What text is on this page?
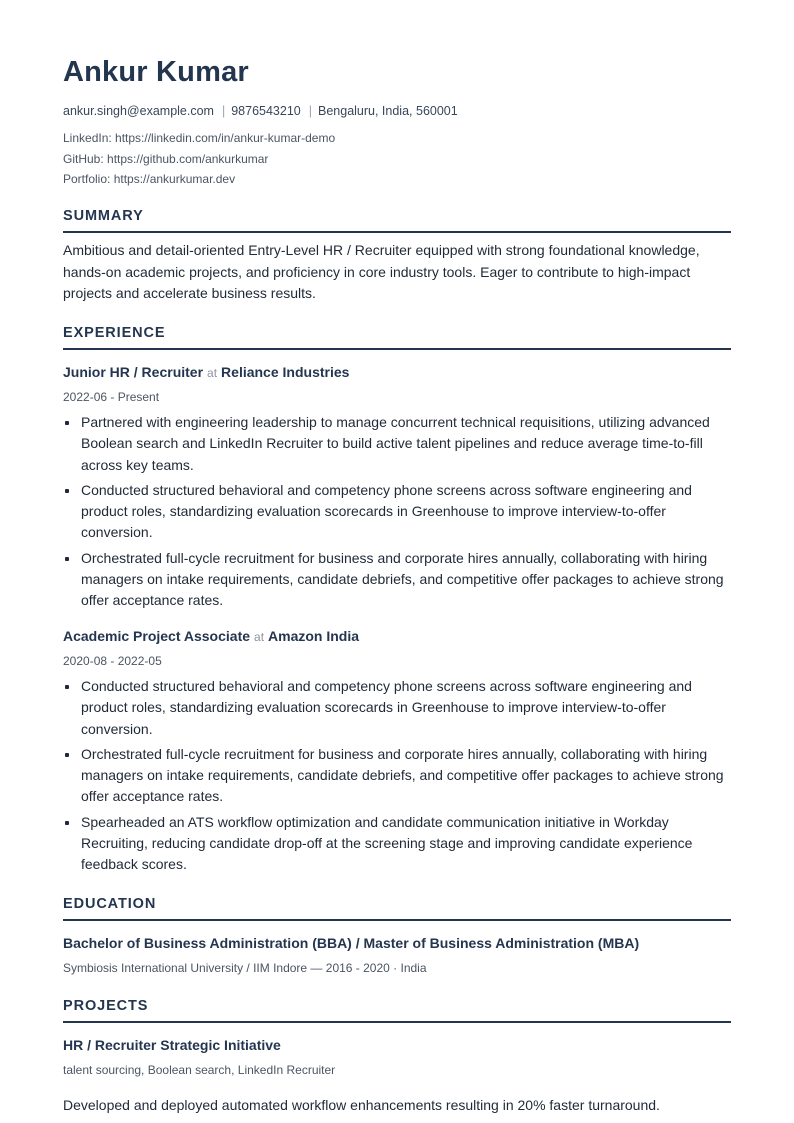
Ankur Kumar
ankur.singh@example.com | 9876543210 | Bengaluru, India, 560001
LinkedIn: https://linkedin.com/in/ankur-kumar-demo
GitHub: https://github.com/ankurkumar
Portfolio: https://ankurkumar.dev
SUMMARY
Ambitious and detail-oriented Entry-Level HR / Recruiter equipped with strong foundational knowledge, hands-on academic projects, and proficiency in core industry tools. Eager to contribute to high-impact projects and accelerate business results.
EXPERIENCE
Junior HR / Recruiter at Reliance Industries
2022-06 - Present
Partnered with engineering leadership to manage concurrent technical requisitions, utilizing advanced Boolean search and LinkedIn Recruiter to build active talent pipelines and reduce average time-to-fill across key teams.
Conducted structured behavioral and competency phone screens across software engineering and product roles, standardizing evaluation scorecards in Greenhouse to improve interview-to-offer conversion.
Orchestrated full-cycle recruitment for business and corporate hires annually, collaborating with hiring managers on intake requirements, candidate debriefs, and competitive offer packages to achieve strong offer acceptance rates.
Academic Project Associate at Amazon India
2020-08 - 2022-05
Conducted structured behavioral and competency phone screens across software engineering and product roles, standardizing evaluation scorecards in Greenhouse to improve interview-to-offer conversion.
Orchestrated full-cycle recruitment for business and corporate hires annually, collaborating with hiring managers on intake requirements, candidate debriefs, and competitive offer packages to achieve strong offer acceptance rates.
Spearheaded an ATS workflow optimization and candidate communication initiative in Workday Recruiting, reducing candidate drop-off at the screening stage and improving candidate experience feedback scores.
EDUCATION
Bachelor of Business Administration (BBA) / Master of Business Administration (MBA)
Symbiosis International University / IIM Indore — 2016 - 2020 · India
PROJECTS
HR / Recruiter Strategic Initiative
talent sourcing, Boolean search, LinkedIn Recruiter
Developed and deployed automated workflow enhancements resulting in 20% faster turnaround.
